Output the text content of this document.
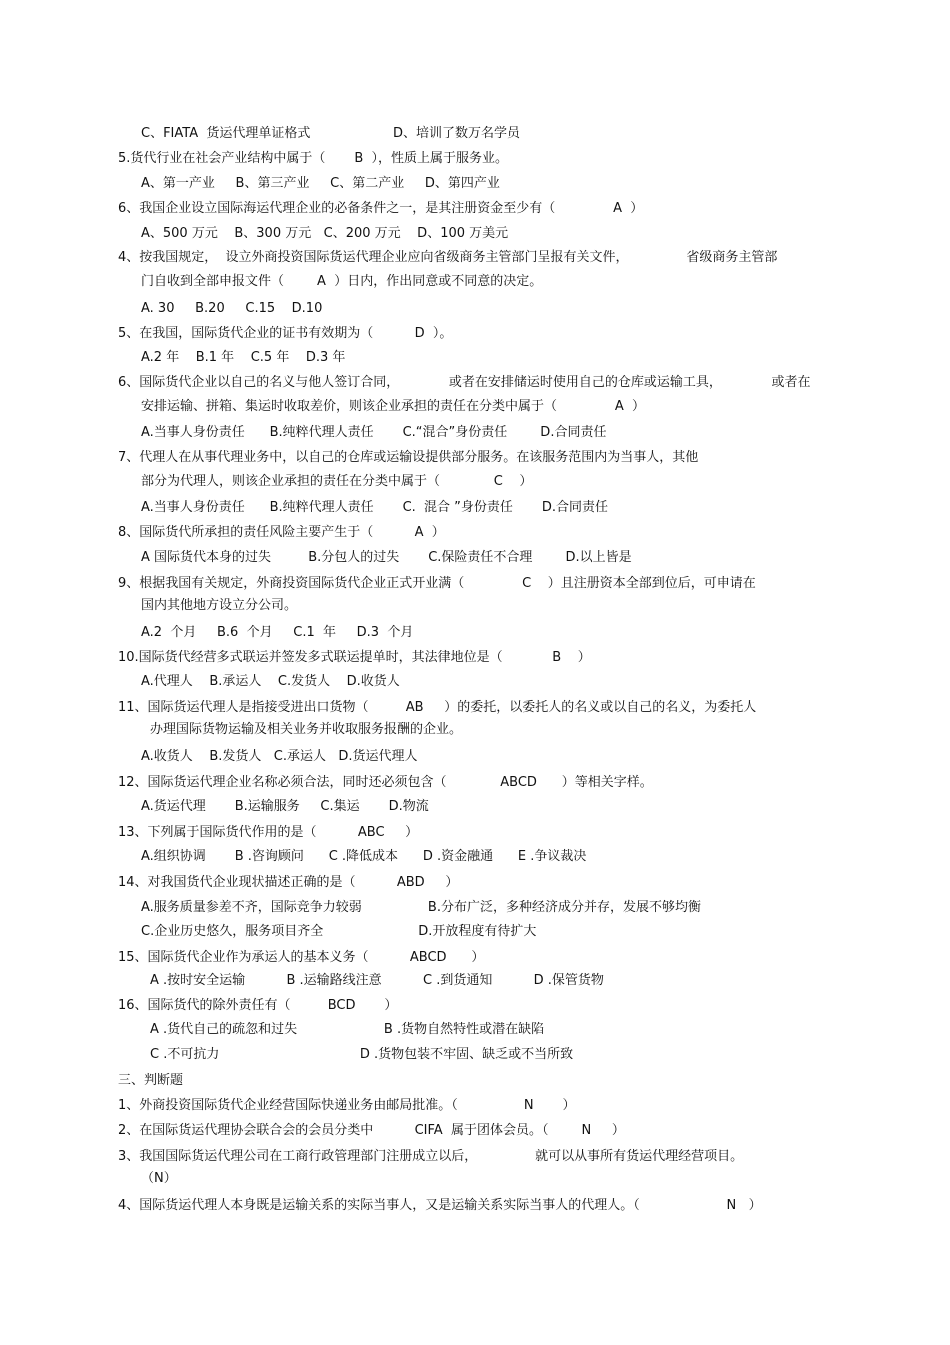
C、FIATA  货运代理单证格式                    D、培训了数万名学员
5.货代行业在社会产业结构中属于（       B  ），性质上属于服务业。
A、第一产业     B、第三产业     C、第二产业     D、第四产业
6、我国企业设立国际海运代理企业的必备条件之一，是其注册资金至少有（              A  ）
A、500 万元    B、300 万元   C、200 万元    D、100 万美元
4、按我国规定，  设立外商投资国际货运代理企业应向省级商务主管部门呈报有关文件，              省级商务主管部
门自收到全部申报文件（        A  ）日内，作出同意或不同意的决定。
A. 30     B.20     C.15    D.10
5、在我国，国际货代企业的证书有效期为（          D  ）。
A.2 年    B.1 年    C.5 年    D.3 年
6、国际货代企业以自己的名义与他人签订合同，            或者在安排储运时使用自己的仓库或运输工具，            或者在
安排运输、拼箱、集运时收取差价，则该企业承担的责任在分类中属于（              A  ）
A.当事人身份责任      B.纯粹代理人责任       C.“混合”身份责任        D.合同责任
7、代理人在从事代理业务中，以自己的仓库或运输设提供部分服务。在该服务范围内为当事人，其他
部分为代理人，则该企业承担的责任在分类中属于（             C    ）
A.当事人身份责任      B.纯粹代理人责任       C.  混合 ”身份责任       D.合同责任
8、国际货代所承担的责任风险主要产生于（          A  ）
A 国际货代本身的过失         B.分包人的过失       C.保险责任不合理        D.以上皆是
9、根据我国有关规定，外商投资国际货代企业正式开业满（              C    ）且注册资本全部到位后，可申请在
国内其他地方设立分公司。
A.2  个月     B.6  个月     C.1  年     D.3  个月
10.国际货代经营多式联运并签发多式联运提单时，其法律地位是（            B    ）
A.代理人    B.承运人    C.发货人    D.收货人
11、国际货运代理人是指接受进出口货物（         AB     ）的委托，以委托人的名义或以自己的名义，为委托人
办理国际货物运输及相关业务并收取服务报酬的企业。
A.收货人    B.发货人   C.承运人   D.货运代理人
12、国际货运代理企业名称必须合法，同时还必须包含（             ABCD      ）等相关字样。
A.货运代理       B.运输服务     C.集运       D.物流
13、下列属于国际货代作用的是（          ABC     ）
A.组织协调       B .咨询顾问      C .降低成本      D .资金融通      E .争议裁决
14、对我国货代企业现状描述正确的是（          ABD     ）
A.服务质量参差不齐，国际竞争力较弱                B.分布广泛，多种经济成分并存，发展不够均衡
C.企业历史悠久，服务项目齐全                       D.开放程度有待扩大
15、国际货代企业作为承运人的基本义务（          ABCD      ）
A .按时安全运输          B .运输路线注意          C .到货通知          D .保管货物
16、国际货代的除外责任有（         BCD       ）
A .货代自己的疏忽和过失                     B .货物自然特性或潜在缺陷
C .不可抗力                                  D .货物包装不牢固、缺乏或不当所致
三、判断题
1、外商投资国际货代企业经营国际快递业务由邮局批准。（                N       ）
2、在国际货运代理协会联合会的会员分类中          CIFA  属于团体会员。（        N     ）
3、我国国际货运代理公司在工商行政管理部门注册成立以后，              就可以从事所有货运代理经营项目。
（N）
4、国际货运代理人本身既是运输关系的实际当事人，又是运输关系实际当事人的代理人。（                     N   ）
